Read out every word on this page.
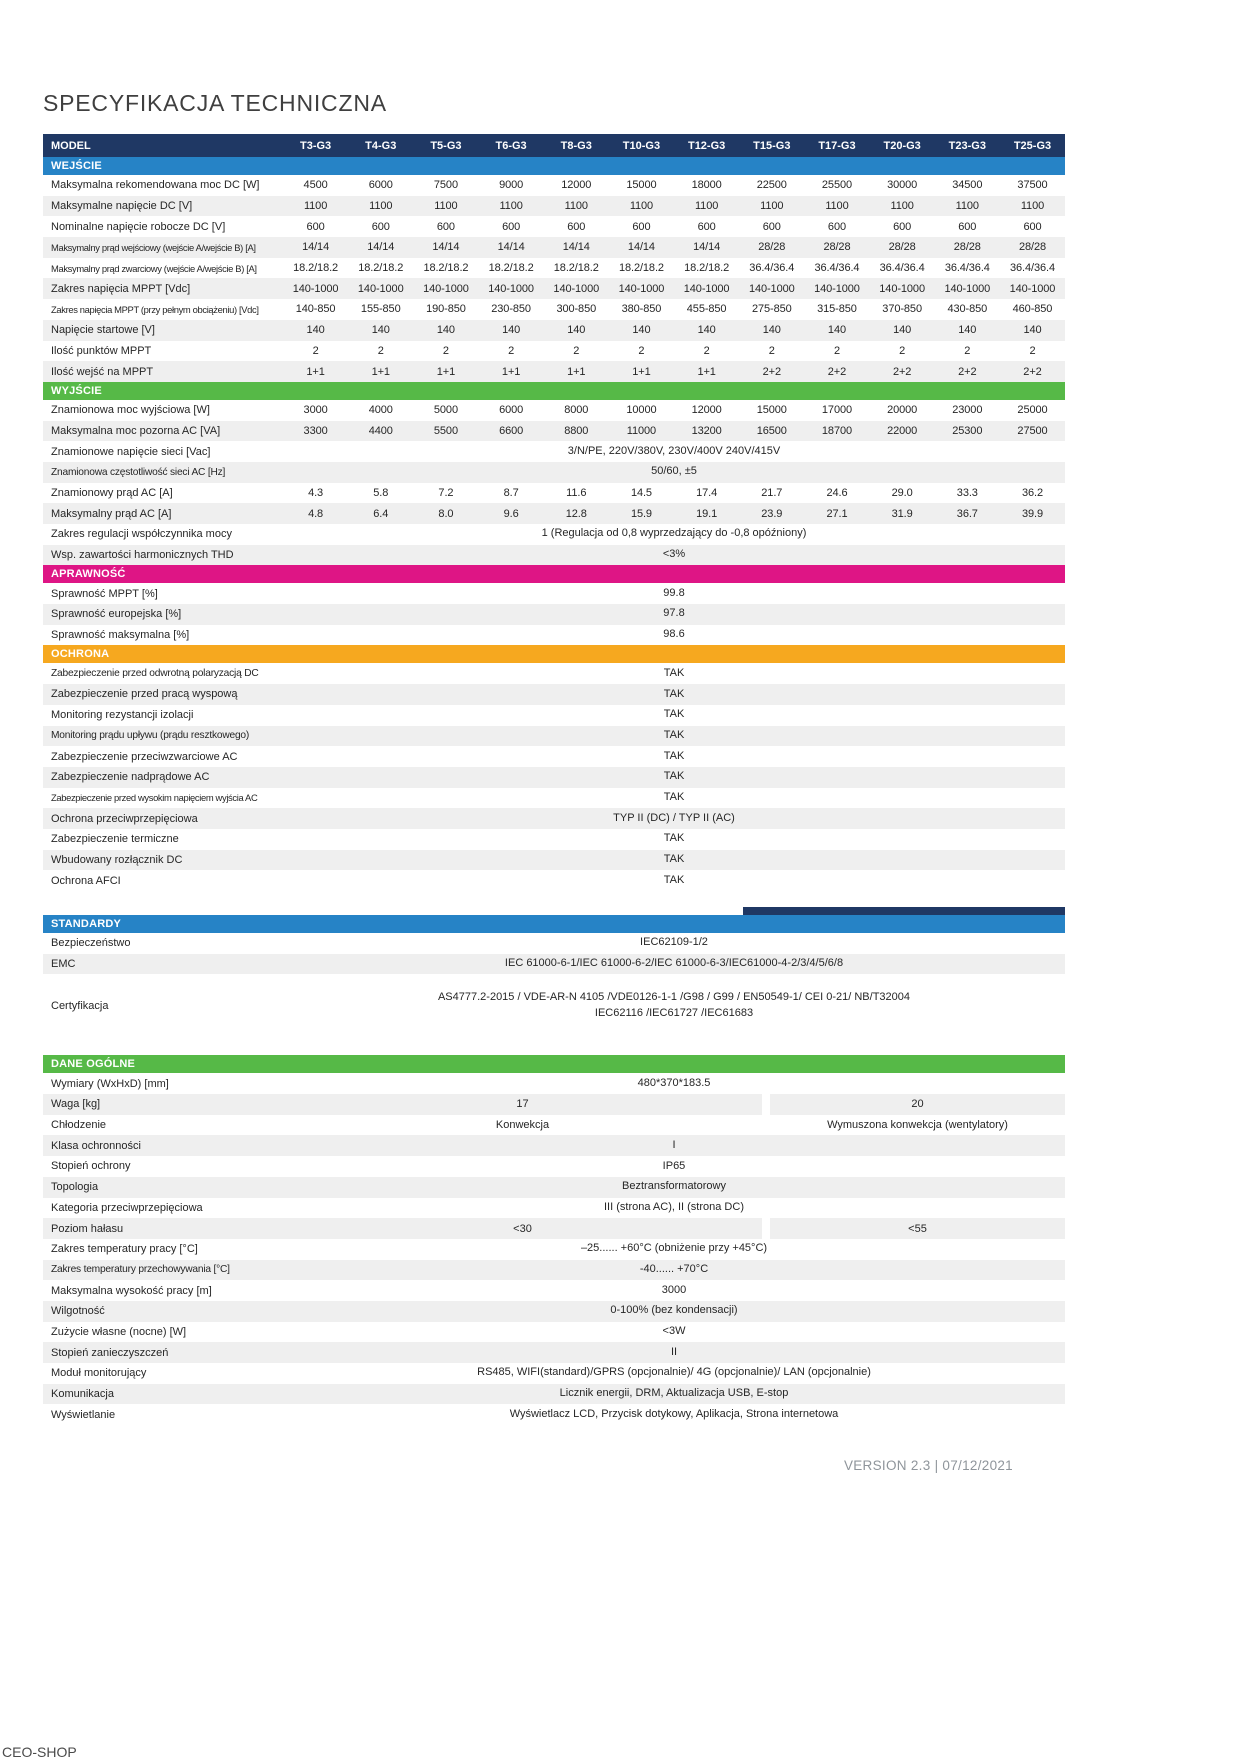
SPECYFIKACJA TECHNICZNA
MODEL	T3-G3	T4-G3	T5-G3	T6-G3	T8-G3	T10-G3	T12-G3	T15-G3	T17-G3	T20-G3	T23-G3	T25-G3
WEJŚCIE
Maksymalna rekomendowana moc DC [W]	4500	6000	7500	9000	12000	15000	18000	22500	25500	30000	34500	37500
Maksymalne napięcie DC [V]	1100	1100	1100	1100	1100	1100	1100	1100	1100	1100	1100	1100
Nominalne napięcie robocze DC [V]	600	600	600	600	600	600	600	600	600	600	600	600
Maksymalny prąd wejściowy (wejście A/wejście B) [A]	14/14	14/14	14/14	14/14	14/14	14/14	14/14	28/28	28/28	28/28	28/28	28/28
Maksymalny prąd zwarciowy (wejście A/wejście B) [A]	18.2/18.2	18.2/18.2	18.2/18.2	18.2/18.2	18.2/18.2	18.2/18.2	18.2/18.2	36.4/36.4	36.4/36.4	36.4/36.4	36.4/36.4	36.4/36.4
Zakres napięcia MPPT [Vdc]	140-1000	140-1000	140-1000	140-1000	140-1000	140-1000	140-1000	140-1000	140-1000	140-1000	140-1000	140-1000
Zakres napięcia MPPT (przy pełnym obciążeniu) [Vdc]	140-850	155-850	190-850	230-850	300-850	380-850	455-850	275-850	315-850	370-850	430-850	460-850
Napięcie startowe [V]	140	140	140	140	140	140	140	140	140	140	140	140
Ilość punktów MPPT	2	2	2	2	2	2	2	2	2	2	2	2
Ilość wejść na MPPT	1+1	1+1	1+1	1+1	1+1	1+1	1+1	2+2	2+2	2+2	2+2	2+2
WYJŚCIE
Znamionowa moc wyjściowa [W]	3000	4000	5000	6000	8000	10000	12000	15000	17000	20000	23000	25000
Maksymalna moc pozorna AC [VA]	3300	4400	5500	6600	8800	11000	13200	16500	18700	22000	25300	27500
Znamionowe napięcie sieci [Vac]	3/N/PE, 220V/380V, 230V/400V 240V/415V
Znamionowa częstotliwość sieci AC [Hz]	50/60, ±5
Znamionowy prąd AC [A]	4.3	5.8	7.2	8.7	11.6	14.5	17.4	21.7	24.6	29.0	33.3	36.2
Maksymalny prąd AC [A]	4.8	6.4	8.0	9.6	12.8	15.9	19.1	23.9	27.1	31.9	36.7	39.9
Zakres regulacji współczynnika mocy	1 (Regulacja od 0,8 wyprzedzający do -0,8 opóźniony)
Wsp. zawartości harmonicznych THD	<3%
APRAWNOŚĆ
Sprawność MPPT [%]	99.8
Sprawność europejska [%]	97.8
Sprawność maksymalna [%]	98.6
OCHRONA
Zabezpieczenie przed odwrotną polaryzacją DC	TAK
Zabezpieczenie przed pracą wyspową	TAK
Monitoring rezystancji izolacji	TAK
Monitoring prądu upływu (prądu resztkowego)	TAK
Zabezpieczenie przeciwzwarciowe AC	TAK
Zabezpieczenie nadprądowe AC	TAK
Zabezpieczenie przed wysokim napięciem wyjścia AC	TAK
Ochrona przeciwprzepięciowa	TYP II (DC) / TYP II (AC)
Zabezpieczenie termiczne	TAK
Wbudowany rozłącznik DC	TAK
Ochrona AFCI	TAK
STANDARDY
Bezpieczeństwo	IEC62109-1/2
EMC	IEC 61000-6-1/IEC 61000-6-2/IEC 61000-6-3/IEC61000-4-2/3/4/5/6/8
Certyfikacja
AS4777.2-2015 / VDE-AR-N 4105 /VDE0126-1-1 /G98 / G99 / EN50549-1/ CEI 0-21/ NB/T32004
IEC62116 /IEC61727 /IEC61683
DANE OGÓLNE
Wymiary (WxHxD) [mm]	480*370*183.5
Waga [kg]	17	20
Chłodzenie	Konwekcja	Wymuszona konwekcja (wentylatory)
Klasa ochronności	I
Stopień ochrony	IP65
Topologia	Beztransformatorowy
Kategoria przeciwprzepięciowa	III (strona AC), II (strona DC)
Poziom hałasu	<30	<55
Zakres temperatury pracy [°C]	–25...... +60°C (obniżenie przy +45°C)
Zakres temperatury przechowywania [°C]	-40...... +70°C
Maksymalna wysokość pracy [m]	3000
Wilgotność	0-100% (bez kondensacji)
Zużycie własne (nocne) [W]	<3W
Stopień zanieczyszczeń	II
Moduł monitorujący	RS485, WIFI(standard)/GPRS (opcjonalnie)/ 4G (opcjonalnie)/ LAN (opcjonalnie)
Komunikacja	Licznik energii, DRM, Aktualizacja USB, E-stop
Wyświetlanie	Wyświetlacz LCD, Przycisk dotykowy, Aplikacja, Strona internetowa
VERSION 2.3 | 07/12/2021
CEO-SHOP
